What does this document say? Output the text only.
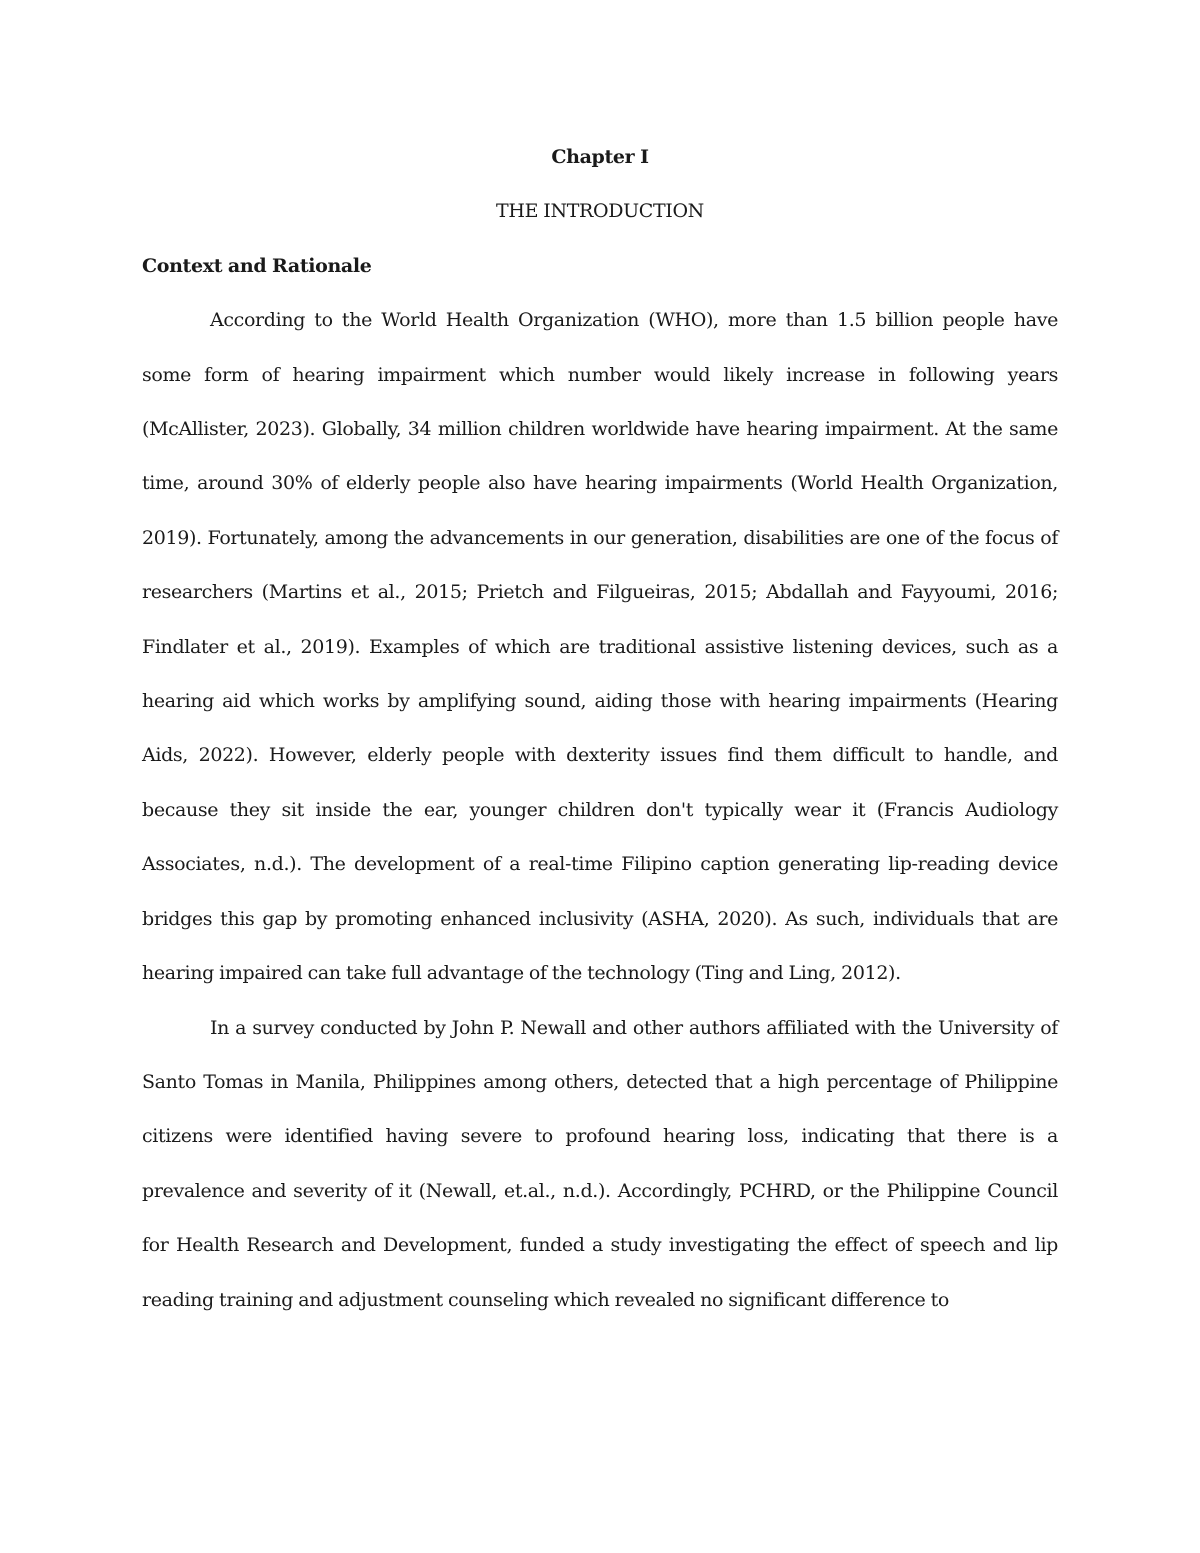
Chapter I

THE INTRODUCTION

Context and Rationale

According to the World Health Organization (WHO), more than 1.5 billion people have some form of hearing impairment which number would likely increase in following years (McAllister, 2023). Globally, 34 million children worldwide have hearing impairment. At the same time, around 30% of elderly people also have hearing impairments (World Health Organization, 2019). Fortunately, among the advancements in our generation, disabilities are one of the focus of researchers (Martins et al., 2015; Prietch and Filgueiras, 2015; Abdallah and Fayyoumi, 2016; Findlater et al., 2019). Examples of which are traditional assistive listening devices, such as a hearing aid which works by amplifying sound, aiding those with hearing impairments (Hearing Aids, 2022). However, elderly people with dexterity issues find them difficult to handle, and because they sit inside the ear, younger children don't typically wear it (Francis Audiology Associates, n.d.). The development of a real-time Filipino caption generating lip-reading device bridges this gap by promoting enhanced inclusivity (ASHA, 2020). As such, individuals that are hearing impaired can take full advantage of the technology (Ting and Ling, 2012).

In a survey conducted by John P. Newall and other authors affiliated with the University of Santo Tomas in Manila, Philippines among others, detected that a high percentage of Philippine citizens were identified having severe to profound hearing loss, indicating that there is a prevalence and severity of it (Newall, et.al., n.d.). Accordingly, PCHRD, or the Philippine Council for Health Research and Development, funded a study investigating the effect of speech and lip reading training and adjustment counseling which revealed no significant difference to
